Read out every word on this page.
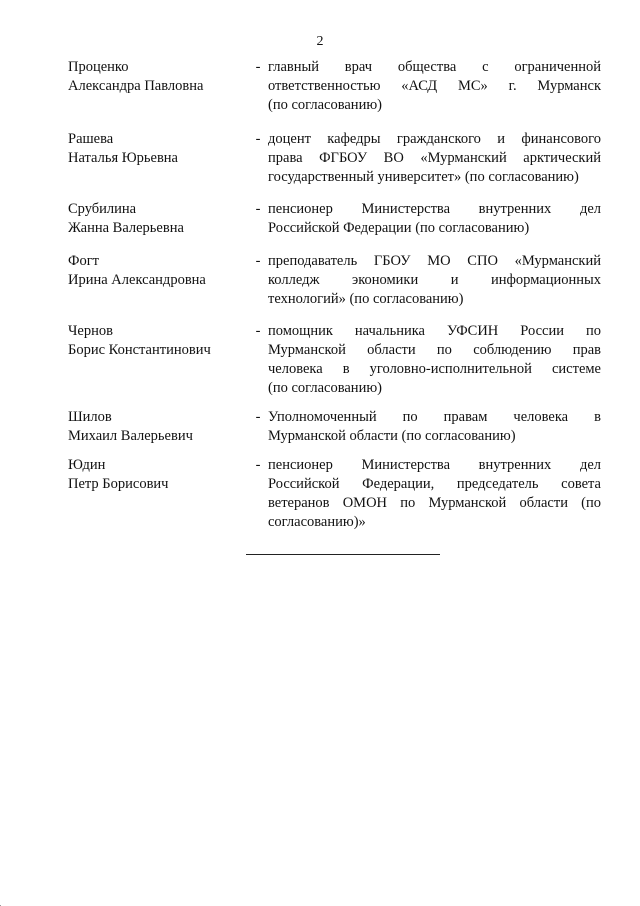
2
Проценко
Александра Павловна
- главный врач общества с ограниченной
ответственностью «АСД МС» г. Мурманск
(по согласованию)
Рашева
Наталья Юрьевна
- доцент кафедры гражданского и финансового
права ФГБОУ ВО «Мурманский арктический
государственный университет» (по согласованию)
Срубилина
Жанна Валерьевна
- пенсионер Министерства внутренних дел
Российской Федерации (по согласованию)
Фогт
Ирина Александровна
- преподаватель ГБОУ МО СПО «Мурманский
колледж экономики и информационных
технологий» (по согласованию)
Чернов
Борис Константинович
- помощник начальника УФСИН России по
Мурманской области по соблюдению прав
человека в уголовно-исполнительной системе
(по согласованию)
Шилов
Михаил Валерьевич
- Уполномоченный по правам человека в
Мурманской области (по согласованию)
Юдин
Петр Борисович
- пенсионер Министерства внутренних дел
Российской Федерации, председатель совета
ветеранов ОМОН по Мурманской области (по
согласованию)»
